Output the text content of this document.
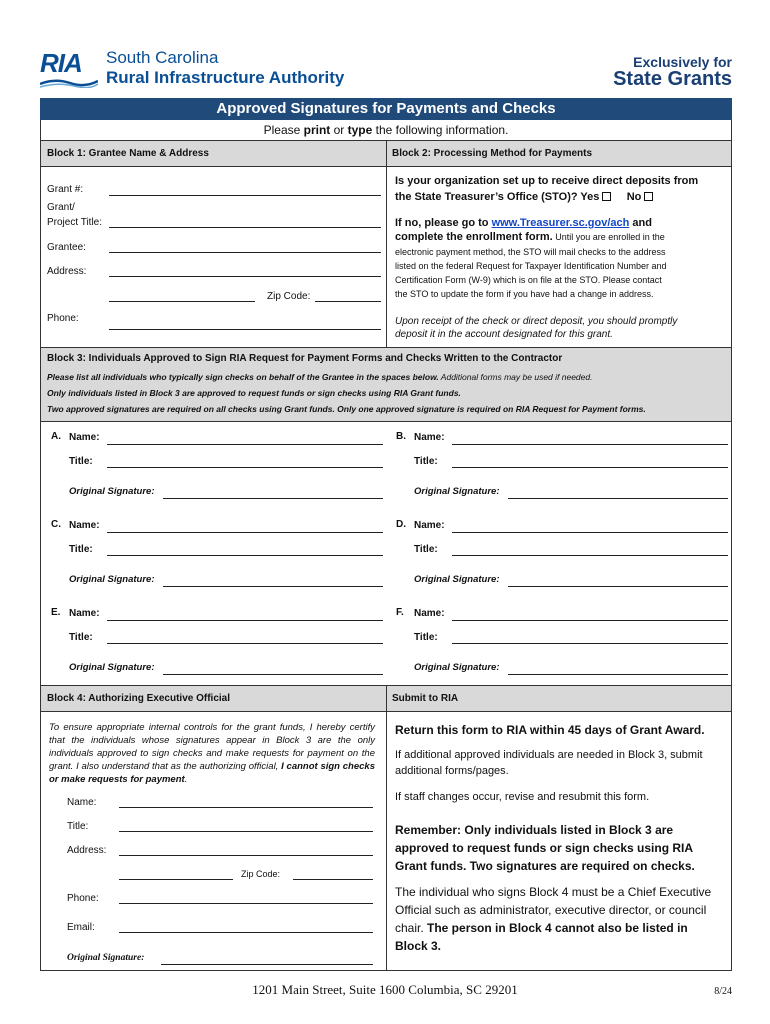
RIA South Carolina
Rural Infrastructure Authority
Exclusively for
State Grants
Approved Signatures for Payments and Checks
Please print or type the following information.
Block 1: Grantee Name & Address	Block 2: Processing Method for Payments
Grant #:
Grant/
Project Title:
Grantee:
Address:
Zip Code:
Phone:
Is your organization set up to receive direct deposits from
the State Treasurer’s Office (STO)? Yes No
If no, please go to www.Treasurer.sc.gov/ach and
complete the enrollment form. Until you are enrolled in the
electronic payment method, the STO will mail checks to the address
listed on the federal Request for Taxpayer Identification Number and
Certification Form (W-9) which is on file at the STO. Please contact
the STO to update the form if you have had a change in address.
Upon receipt of the check or direct deposit, you should promptly
deposit it in the account designated for this grant.
Block 3: Individuals Approved to Sign RIA Request for Payment Forms and Checks Written to the Contractor
Please list all individuals who typically sign checks on behalf of the Grantee in the spaces below. Additional forms may be used if needed.
Only individuals listed in Block 3 are approved to request funds or sign checks using RIA Grant funds.
Two approved signatures are required on all checks using Grant funds. Only one approved signature is required on RIA Request for Payment forms.
A. Name:
Title:
Original Signature:
B. Name:
Title:
Original Signature:
C. Name:
Title:
Original Signature:
D. Name:
Title:
Original Signature:
E. Name:
Title:
Original Signature:
F. Name:
Title:
Original Signature:
Block 4: Authorizing Executive Official	Submit to RIA
To ensure appropriate internal controls for the grant funds, I hereby certify that the individuals whose signatures appear in Block 3 are the only individuals approved to sign checks and make requests for payment on the grant. I also understand that as the authorizing official, I cannot sign checks or make requests for payment.
Name:
Title:
Address:
Zip Code:
Phone:
Email:
Original Signature:
Return this form to RIA within 45 days of Grant Award.
If additional approved individuals are needed in Block 3, submit additional forms/pages.
If staff changes occur, revise and resubmit this form.
Remember: Only individuals listed in Block 3 are approved to request funds or sign checks using RIA Grant funds. Two signatures are required on checks.
The individual who signs Block 4 must be a Chief Executive Official such as administrator, executive director, or council chair. The person in Block 4 cannot also be listed in Block 3.
1201 Main Street, Suite 1600 Columbia, SC 29201	8/24
